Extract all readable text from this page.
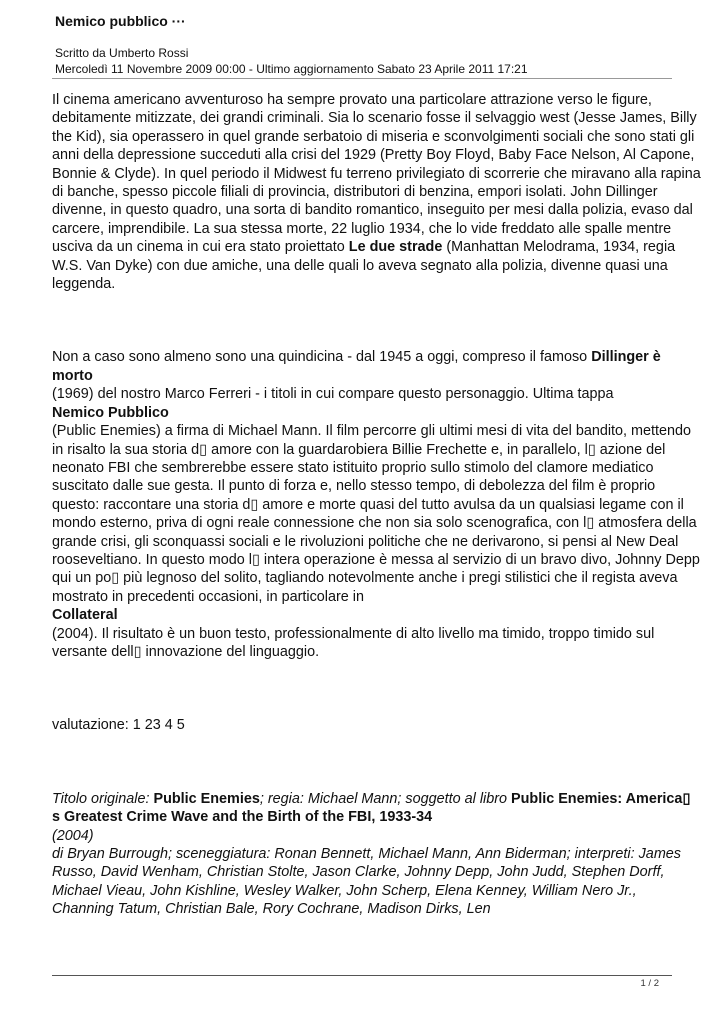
Nemico pubblico ···
Scritto da Umberto Rossi
Mercoledì 11 Novembre 2009 00:00 - Ultimo aggiornamento Sabato 23 Aprile 2011 17:21

Il cinema americano avventuroso ha sempre provato una particolare attrazione verso le figure, debitamente mitizzate, dei grandi criminali. Sia lo scenario fosse il selvaggio west (Jesse James, Billy the Kid), sia operassero in quel grande serbatoio di miseria e sconvolgimenti sociali che sono stati gli anni della depressione succeduti alla crisi del 1929 (Pretty Boy Floyd, Baby Face Nelson, Al Capone, Bonnie & Clyde). In quel periodo il Midwest fu terreno privilegiato di scorrerie che miravano alla rapina di banche, spesso piccole filiali di provincia, distributori di benzina, empori isolati. John Dillinger divenne, in questo quadro, una sorta di bandito romantico, inseguito per mesi dalla polizia, evaso dal carcere, imprendibile. La sua stessa morte, 22 luglio 1934, che lo vide freddato alle spalle mentre usciva da un cinema in cui era stato proiettato Le due strade (Manhattan Melodrama, 1934, regia W.S. Van Dyke) con due amiche, una delle quali lo aveva segnato alla polizia, divenne quasi una leggenda.

Non a caso sono almeno sono una quindicina - dal 1945 a oggi, compreso il famoso Dillinger è morto
(1969) del nostro Marco Ferreri - i titoli in cui compare questo personaggio. Ultima tappa
Nemico Pubblico
(Public Enemies) a firma di Michael Mann. Il film percorre gli ultimi mesi di vita del bandito, mettendo in risalto la sua storia d▯ amore con la guardarobiera Billie Frechette e, in parallelo, l▯ azione del neonato FBI che sembrerebbe essere stato istituito proprio sullo stimolo del clamore mediatico suscitato dalle sue gesta. Il punto di forza e, nello stesso tempo, di debolezza del film è proprio questo: raccontare una storia d▯ amore e morte quasi del tutto avulsa da un qualsiasi legame con il mondo esterno, priva di ogni reale connessione che non sia solo scenografica, con l▯ atmosfera della grande crisi, gli sconquassi sociali e le rivoluzioni politiche che ne derivarono, si pensi al New Deal rooseveltiano. In questo modo l▯ intera operazione è messa al servizio di un bravo divo, Johnny Depp qui un po▯ più legnoso del solito, tagliando notevolmente anche i pregi stilistici che il regista aveva mostrato in precedenti occasioni, in particolare in
Collateral
(2004). Il risultato è un buon testo, professionalmente di alto livello ma timido, troppo timido sul versante dell▯ innovazione del linguaggio.

valutazione: 1 23 4 5

Titolo originale: Public Enemies; regia: Michael Mann; soggetto al libro Public Enemies: America▯ s Greatest Crime Wave and the Birth of the FBI, 1933-34
(2004)
di Bryan Burrough; sceneggiatura: Ronan Bennett, Michael Mann, Ann Biderman; interpreti: James Russo, David Wenham, Christian Stolte, Jason Clarke, Johnny Depp, John Judd, Stephen Dorff, Michael Vieau, John Kishline, Wesley Walker, John Scherp, Elena Kenney, William Nero Jr., Channing Tatum, Christian Bale, Rory Cochrane, Madison Dirks, Len

1 / 2
